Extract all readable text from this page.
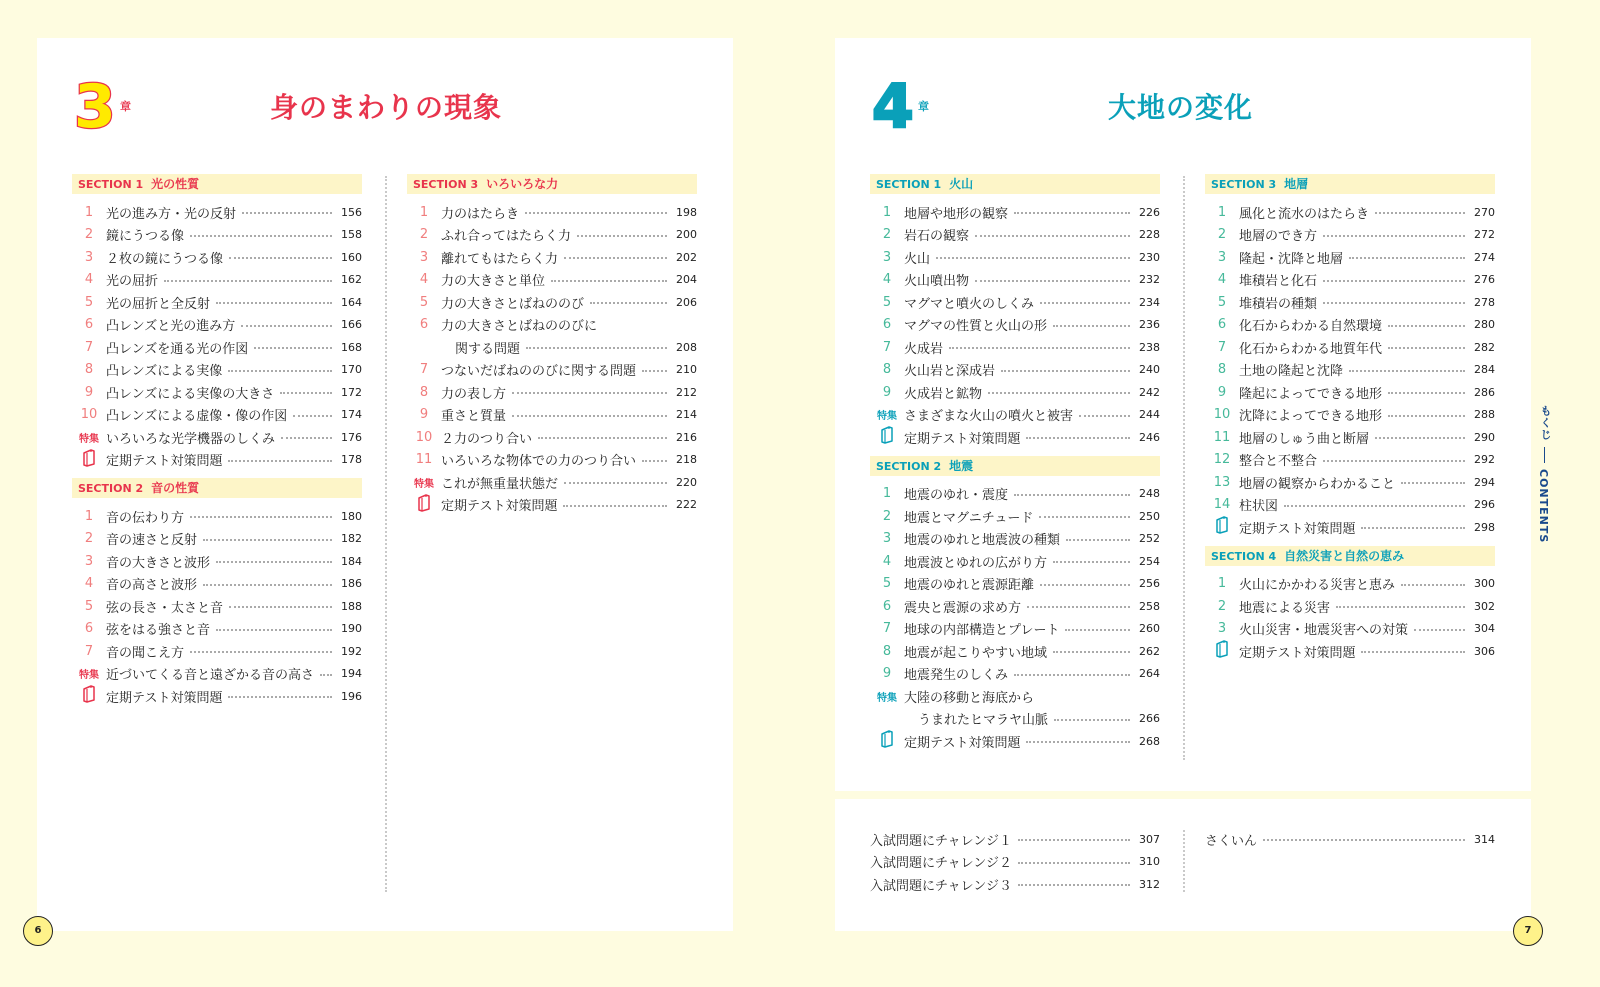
3 章	身のまわりの現象
SECTION 1 光の性質
1 光の進み方・光の反射	156
2 鏡にうつる像	158
3 ２枚の鏡にうつる像	160
4 光の屈折	162
5 光の屈折と全反射	164
6 凸レンズと光の進み方	166
7 凸レンズを通る光の作図	168
8 凸レンズによる実像	170
9 凸レンズによる実像の大きさ	172
10 凸レンズによる虚像・像の作図	174
特集 いろいろな光学機器のしくみ	176
定期テスト対策問題	178
SECTION 2 音の性質
1 音の伝わり方	180
2 音の速さと反射	182
3 音の大きさと波形	184
4 音の高さと波形	186
5 弦の長さ・太さと音	188
6 弦をはる強さと音	190
7 音の聞こえ方	192
特集 近づいてくる音と遠ざかる音の高さ 194
定期テスト対策問題	196
SECTION 3 いろいろな力
1 力のはたらき	198
2 ふれ合ってはたらく力	200
3 離れてもはたらく力	202
4 力の大きさと単位	204
5 力の大きさとばねののび	206
6 力の大きさとばねののびに
関する問題	208
7 つないだばねののびに関する問題	210
8 力の表し方	212
9 重さと質量	214
10 ２力のつり合い	216
11 いろいろな物体での力のつり合い	218
特集 これが無重量状態だ	220
定期テスト対策問題	222
6
4 章	大地の変化
SECTION 1 火山
1 地層や地形の観察	226
2 岩石の観察	228
3 火山	230
4 火山噴出物	232
5 マグマと噴火のしくみ	234
6 マグマの性質と火山の形	236
7 火成岩	238
8 火山岩と深成岩	240
9 火成岩と鉱物	242
特集 さまざまな火山の噴火と被害	244
定期テスト対策問題	246
SECTION 2 地震
1 地震のゆれ・震度	248
2 地震とマグニチュード	250
3 地震のゆれと地震波の種類	252
4 地震波とゆれの広がり方	254
5 地震のゆれと震源距離	256
6 震央と震源の求め方	258
7 地球の内部構造とプレート	260
8 地震が起こりやすい地域	262
9 地震発生のしくみ	264
特集 大陸の移動と海底から
うまれたヒマラヤ山脈	266
定期テスト対策問題	268
SECTION 3 地層
1 風化と流水のはたらき	270
2 地層のでき方	272
3 隆起・沈降と地層	274
4 堆積岩と化石	276
5 堆積岩の種類	278
6 化石からわかる自然環境	280
7 化石からわかる地質年代	282
8 土地の隆起と沈降	284
9 隆起によってできる地形	286
10 沈降によってできる地形	288
11 地層のしゅう曲と断層	290
12 整合と不整合	292
13 地層の観察からわかること	294
14 柱状図	296
定期テスト対策問題	298
SECTION 4 自然災害と自然の恵み
1 火山にかかわる災害と恵み	300
2 地震による災害	302
3 火山災害・地震災害への対策	304
定期テスト対策問題	306
入試問題にチャレンジ１	307
入試問題にチャレンジ２	310
入試問題にチャレンジ３	312
さくいん	314
もくじ
CONTENTS
7
